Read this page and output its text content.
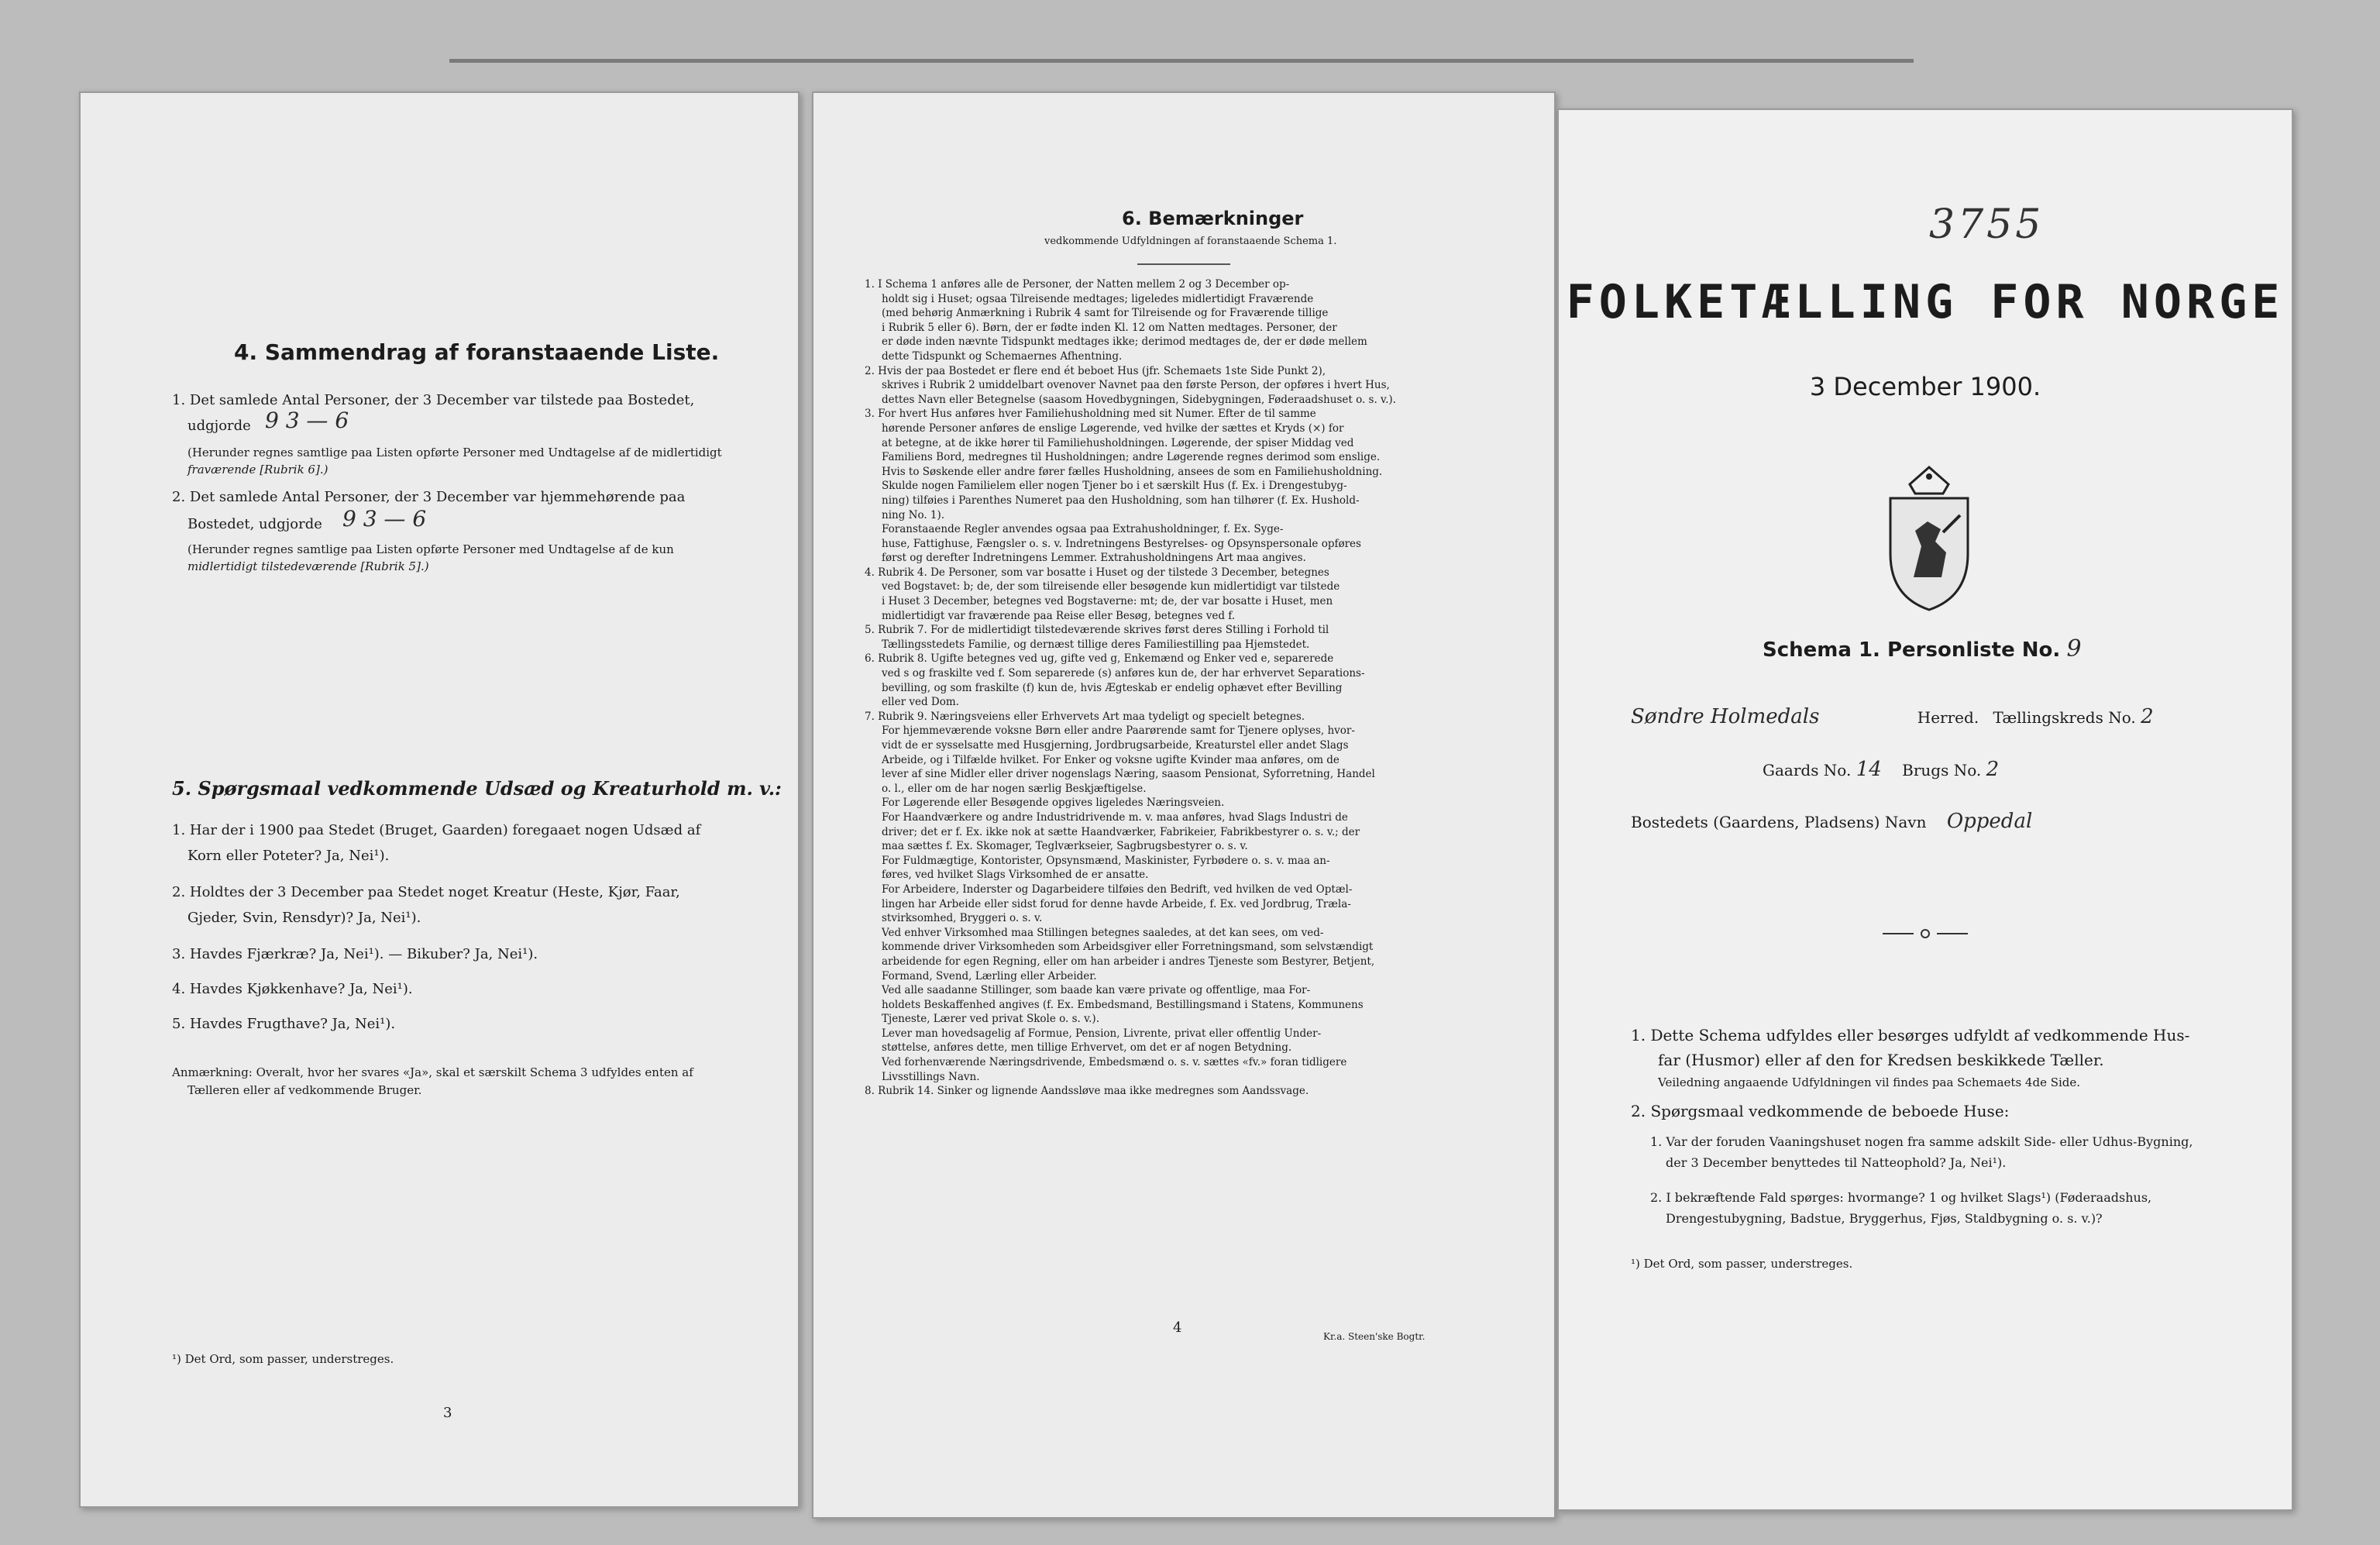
4. Sammendrag af foranstaaende Liste.
1. Det samlede Antal Personer, der 3 December var tilstede paa Bostedet,
udgjorde 9 3 — 6
(Herunder regnes samtlige paa Listen opførte Personer med Undtagelse af de midlertidigt
fraværende [Rubrik 6].)
2. Det samlede Antal Personer, der 3 December var hjemmehørende paa
Bostedet, udgjorde 9 3 — 6
(Herunder regnes samtlige paa Listen opførte Personer med Undtagelse af de kun
midlertidigt tilstedeværende [Rubrik 5].)
5. Spørgsmaal vedkommende Udsæd og Kreaturhold m. v.:
1. Har der i 1900 paa Stedet (Bruget, Gaarden) foregaaet nogen Udsæd af
Korn eller Poteter? Ja, Nei¹).
2. Holdtes der 3 December paa Stedet noget Kreatur (Heste, Kjør, Faar,
Gjeder, Svin, Rensdyr)? Ja, Nei¹).
3. Havdes Fjærkræ? Ja, Nei¹). — Bikuber? Ja, Nei¹).
4. Havdes Kjøkkenhave? Ja, Nei¹).
5. Havdes Frugthave? Ja, Nei¹).
Anmærkning: Overalt, hvor her svares «Ja», skal et særskilt Schema 3 udfyldes enten af
Tælleren eller af vedkommende Bruger.
¹) Det Ord, som passer, understreges.
3
6. Bemærkninger
vedkommende Udfyldningen af foranstaaende Schema 1.
1. I Schema 1 anføres alle de Personer, der Natten mellem 2 og 3 December op-
holdt sig i Huset; ogsaa Tilreisende medtages; ligeledes midlertidigt Fraværende
(med behørig Anmærkning i Rubrik 4 samt for Tilreisende og for Fraværende tillige
i Rubrik 5 eller 6). Børn, der er fødte inden Kl. 12 om Natten medtages. Personer, der
er døde inden nævnte Tidspunkt medtages ikke; derimod medtages de, der er døde mellem
dette Tidspunkt og Schemaernes Afhentning.
2. Hvis der paa Bostedet er flere end ét beboet Hus (jfr. Schemaets 1ste Side Punkt 2),
skrives i Rubrik 2 umiddelbart ovenover Navnet paa den første Person, der opføres i hvert Hus,
dettes Navn eller Betegnelse (saasom Hovedbygningen, Sidebygningen, Føderaadshuset o. s. v.).
3. For hvert Hus anføres hver Familiehusholdning med sit Numer. Efter de til samme
hørende Personer anføres de enslige Løgerende, ved hvilke der sættes et Kryds (×) for
at betegne, at de ikke hører til Familiehusholdningen. Løgerende, der spiser Middag ved
Familiens Bord, medregnes til Husholdningen; andre Løgerende regnes derimod som enslige.
Hvis to Søskende eller andre fører fælles Husholdning, ansees de som en Familiehusholdning.
Skulde nogen Familielem eller nogen Tjener bo i et særskilt Hus (f. Ex. i Drengestubyg-
ning) tilføies i Parenthes Numeret paa den Husholdning, som han tilhører (f. Ex. Hushold-
ning No. 1).
Foranstaaende Regler anvendes ogsaa paa Extrahusholdninger, f. Ex. Syge-
huse, Fattighuse, Fængsler o. s. v. Indretningens Bestyrelses- og Opsynspersonale opføres
først og derefter Indretningens Lemmer. Extrahusholdningens Art maa angives.
4. Rubrik 4. De Personer, som var bosatte i Huset og der tilstede 3 December, betegnes
ved Bogstavet: b; de, der som tilreisende eller besøgende kun midlertidigt var tilstede
i Huset 3 December, betegnes ved Bogstaverne: mt; de, der var bosatte i Huset, men
midlertidigt var fraværende paa Reise eller Besøg, betegnes ved f.
5. Rubrik 7. For de midlertidigt tilstedeværende skrives først deres Stilling i Forhold til
Tællingsstedets Familie, og dernæst tillige deres Familiestilling paa Hjemstedet.
6. Rubrik 8. Ugifte betegnes ved ug, gifte ved g, Enkemænd og Enker ved e, separerede
ved s og fraskilte ved f. Som separerede (s) anføres kun de, der har erhvervet Separations-
bevilling, og som fraskilte (f) kun de, hvis Ægteskab er endelig ophævet efter Bevilling
eller ved Dom.
7. Rubrik 9. Næringsveiens eller Erhvervets Art maa tydeligt og specielt betegnes.
For hjemmeværende voksne Børn eller andre Paarørende samt for Tjenere oplyses, hvor-
vidt de er sysselsatte med Husgjerning, Jordbrugsarbeide, Kreaturstel eller andet Slags
Arbeide, og i Tilfælde hvilket. For Enker og voksne ugifte Kvinder maa anføres, om de
lever af sine Midler eller driver nogenslags Næring, saasom Pensionat, Syforretning, Handel
o. l., eller om de har nogen særlig Beskjæftigelse.
For Løgerende eller Besøgende opgives ligeledes Næringsveien.
For Haandværkere og andre Industridrivende m. v. maa anføres, hvad Slags Industri de
driver; det er f. Ex. ikke nok at sætte Haandværker, Fabrikeier, Fabrikbestyrer o. s. v.; der
maa sættes f. Ex. Skomager, Teglværkseier, Sagbrugsbestyrer o. s. v.
For Fuldmægtige, Kontorister, Opsynsmænd, Maskinister, Fyrbødere o. s. v. maa an-
føres, ved hvilket Slags Virksomhed de er ansatte.
For Arbeidere, Inderster og Dagarbeidere tilføies den Bedrift, ved hvilken de ved Optæl-
lingen har Arbeide eller sidst forud for denne havde Arbeide, f. Ex. ved Jordbrug, Træla-
stvirksomhed, Bryggeri o. s. v.
Ved enhver Virksomhed maa Stillingen betegnes saaledes, at det kan sees, om ved-
kommende driver Virksomheden som Arbeidsgiver eller Forretningsmand, som selvstændigt
arbeidende for egen Regning, eller om han arbeider i andres Tjeneste som Bestyrer, Betjent,
Formand, Svend, Lærling eller Arbeider.
Ved alle saadanne Stillinger, som baade kan være private og offentlige, maa For-
holdets Beskaffenhed angives (f. Ex. Embedsmand, Bestillingsmand i Statens, Kommunens
Tjeneste, Lærer ved privat Skole o. s. v.).
Lever man hovedsagelig af Formue, Pension, Livrente, privat eller offentlig Under-
støttelse, anføres dette, men tillige Erhvervet, om det er af nogen Betydning.
Ved forhenværende Næringsdrivende, Embedsmænd o. s. v. sættes «fv.» foran tidligere
Livsstillings Navn.
8. Rubrik 14. Sinker og lignende Aandssløve maa ikke medregnes som Aandssvage.
4
Kr.a. Steen'ske Bogtr.
3755
FOLKETÆLLING FOR NORGE
3 December 1900.
Schema 1. Personliste No. 9
Søndre Holmedals	Herred. Tællingskreds No. 2
Gaards No. 14 Brugs No. 2
Bostedets (Gaardens, Pladsens) Navn Oppedal
1. Dette Schema udfyldes eller besørges udfyldt af vedkommende Hus-
far (Husmor) eller af den for Kredsen beskikkede Tæller.
Veiledning angaaende Udfyldningen vil findes paa Schemaets 4de Side.
2. Spørgsmaal vedkommende de beboede Huse:
1. Var der foruden Vaaningshuset nogen fra samme adskilt Side- eller Udhus-Bygning,
der 3 December benyttedes til Natteophold? Ja, Nei¹).
2. I bekræftende Fald spørges: hvormange? 1 og hvilket Slags¹) (Føderaadshus,
Drengestubygning, Badstue, Bryggerhus, Fjøs, Staldbygning o. s. v.)?
¹) Det Ord, som passer, understreges.
